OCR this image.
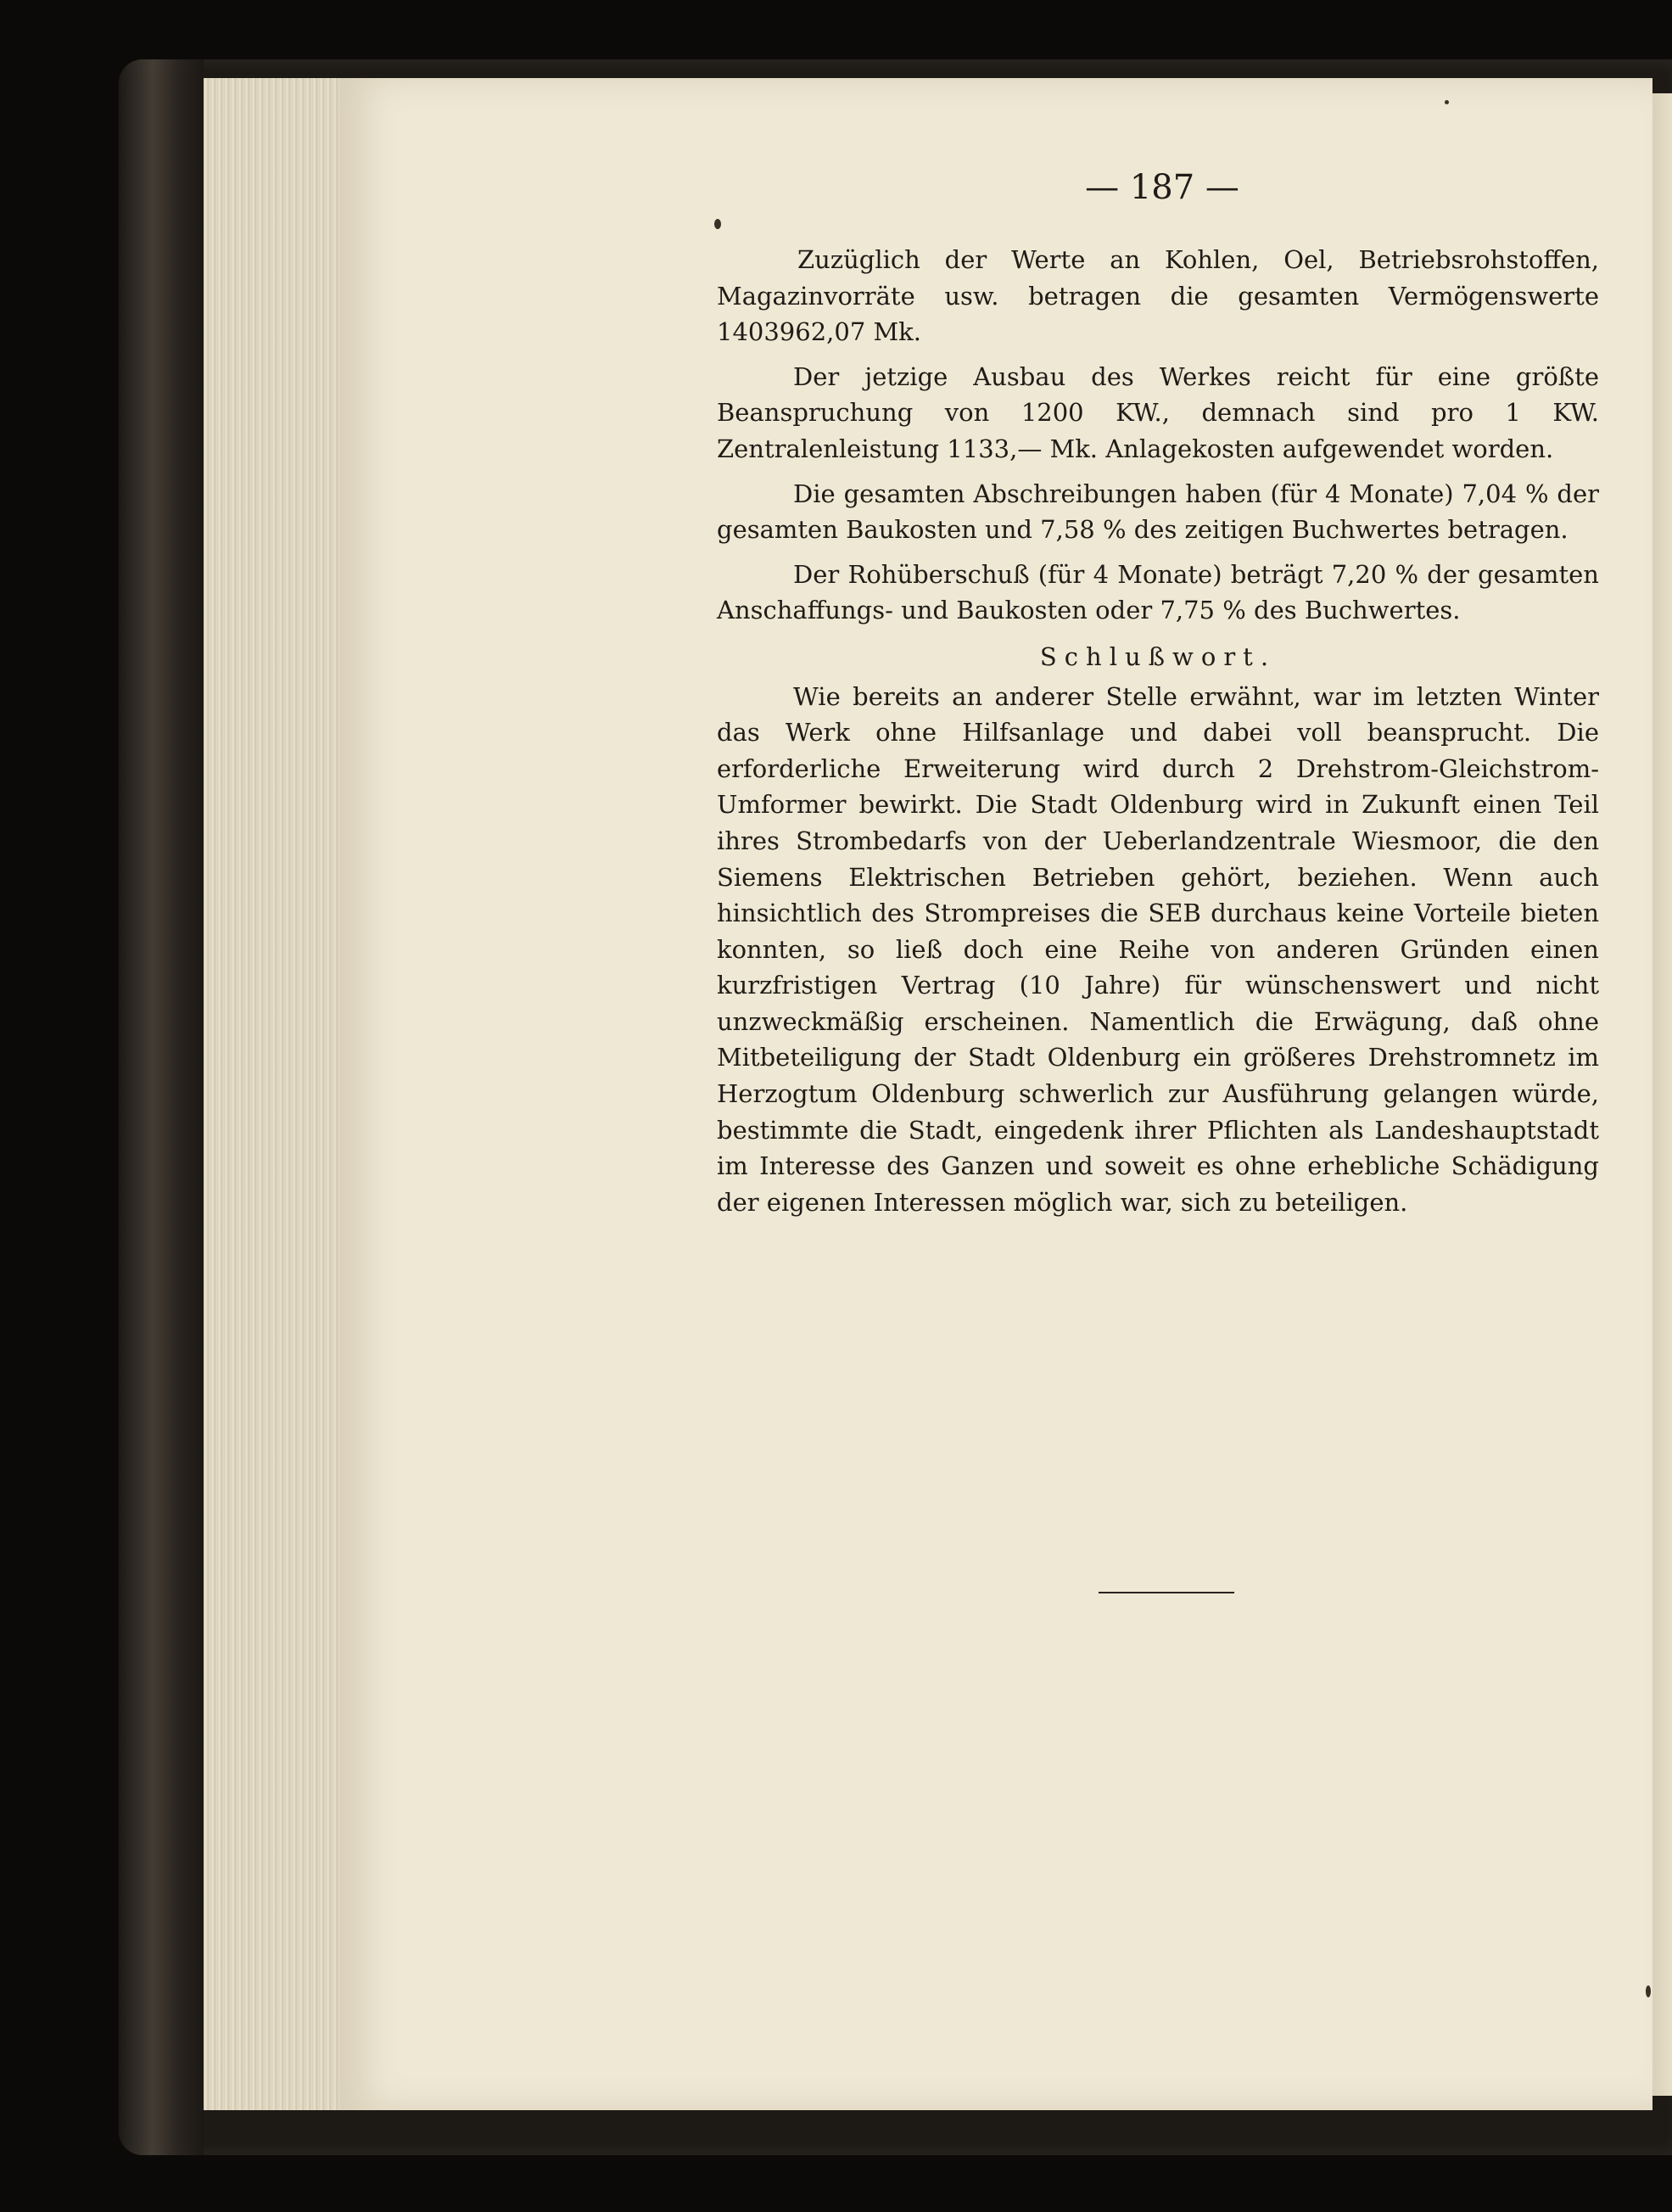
— 187 —

Zuzüglich der Werte an Kohlen, Oel, Betriebsrohstoffen, Magazinvorräte usw. betragen die gesamten Vermögenswerte 1403962,07 Mk.

Der jetzige Ausbau des Werkes reicht für eine größte Beanspruchung von 1200 KW., demnach sind pro 1 KW. Zentralenleistung 1133,— Mk. Anlagekosten aufgewendet worden.

Die gesamten Abschreibungen haben (für 4 Monate) 7,04 % der gesamten Baukosten und 7,58 % des zeitigen Buchwertes betragen.

Der Rohüberschuß (für 4 Monate) beträgt 7,20 % der gesamten Anschaffungs- und Baukosten oder 7,75 % des Buchwertes.

Schlußwort.

Wie bereits an anderer Stelle erwähnt, war im letzten Winter das Werk ohne Hilfsanlage und dabei voll beansprucht. Die erforderliche Erweiterung wird durch 2 Drehstrom-Gleichstrom-Umformer bewirkt. Die Stadt Oldenburg wird in Zukunft einen Teil ihres Strombedarfs von der Ueberlandzentrale Wiesmoor, die den Siemens Elektrischen Betrieben gehört, beziehen. Wenn auch hinsichtlich des Strompreises die SEB durchaus keine Vorteile bieten konnten, so ließ doch eine Reihe von anderen Gründen einen kurzfristigen Vertrag (10 Jahre) für wünschenswert und nicht unzweckmäßig erscheinen. Namentlich die Erwägung, daß ohne Mitbeteiligung der Stadt Oldenburg ein größeres Drehstromnetz im Herzogtum Oldenburg schwerlich zur Ausführung gelangen würde, bestimmte die Stadt, eingedenk ihrer Pflichten als Landeshauptstadt im Interesse des Ganzen und soweit es ohne erhebliche Schädigung der eigenen Interessen möglich war, sich zu beteiligen.
